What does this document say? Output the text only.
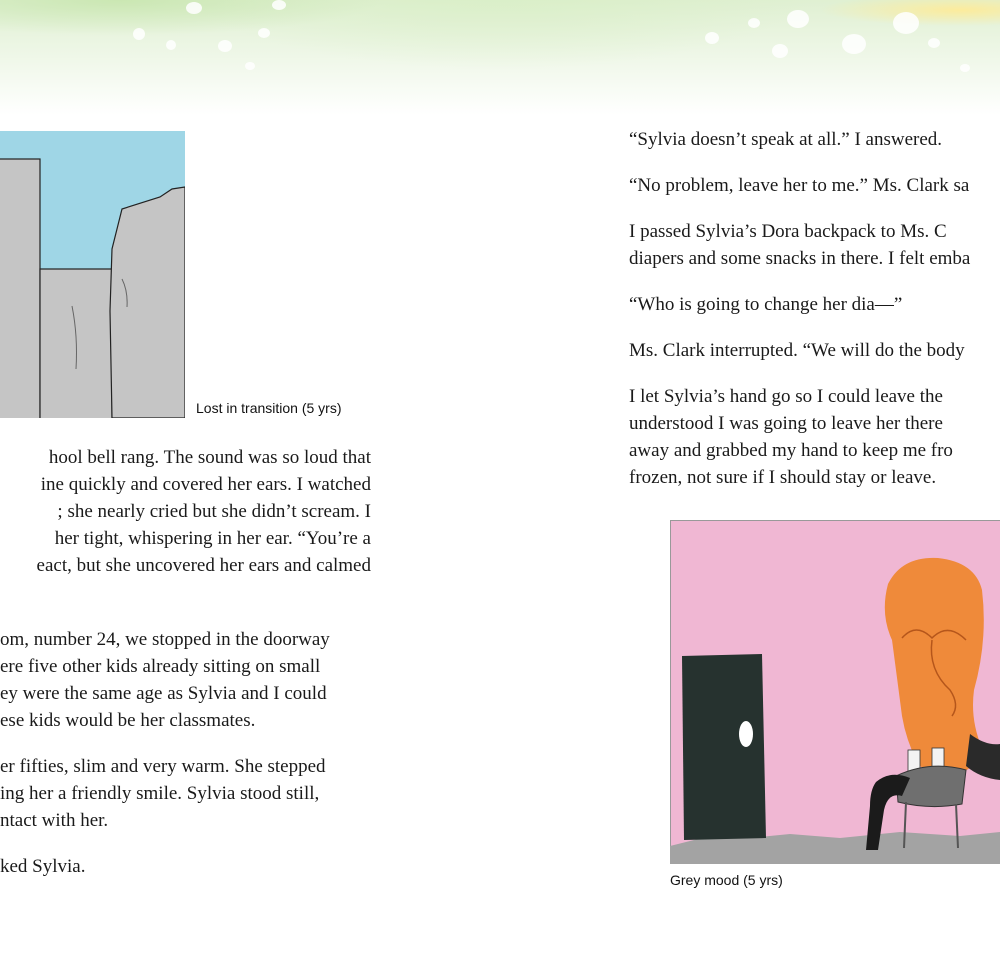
Lost in transition (5 yrs)

hool bell rang. The sound was so loud that
ine quickly and covered her ears. I watched
; she nearly cried but she didn’t scream. I
her tight, whispering in her ear. “You’re a
eact, but she uncovered her ears and calmed

om, number 24, we stopped in the doorway
ere five other kids already sitting on small
ey were the same age as Sylvia and I could
ese kids would be her classmates.

er fifties, slim and very warm. She stepped
ing her a friendly smile. Sylvia stood still,
ntact with her.

ked Sylvia.

“Sylvia doesn’t speak at all.” I answered.

“No problem, leave her to me.” Ms. Clark sa

I passed Sylvia’s Dora backpack to Ms. C
diapers and some snacks in there. I felt emba

“Who is going to change her dia—”

Ms. Clark interrupted. “We will do the body

I let Sylvia’s hand go so I could leave the
understood I was going to leave her there
away and grabbed my hand to keep me fro
frozen, not sure if I should stay or leave.

Grey mood (5 yrs)
